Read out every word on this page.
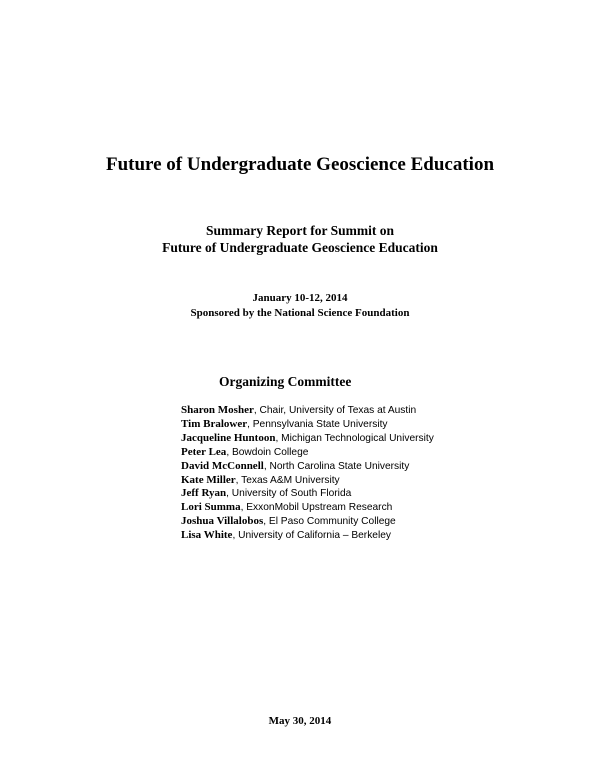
Future of Undergraduate Geoscience Education
Summary Report for Summit on
Future of Undergraduate Geoscience Education
January 10-12, 2014
Sponsored by the National Science Foundation
Organizing Committee
Sharon Mosher, Chair, University of Texas at Austin
Tim Bralower, Pennsylvania State University
Jacqueline Huntoon, Michigan Technological University
Peter Lea, Bowdoin College
David McConnell, North Carolina State University
Kate Miller, Texas A&M University
Jeff Ryan, University of South Florida
Lori Summa, ExxonMobil Upstream Research
Joshua Villalobos, El Paso Community College
Lisa White, University of California – Berkeley
May 30, 2014
